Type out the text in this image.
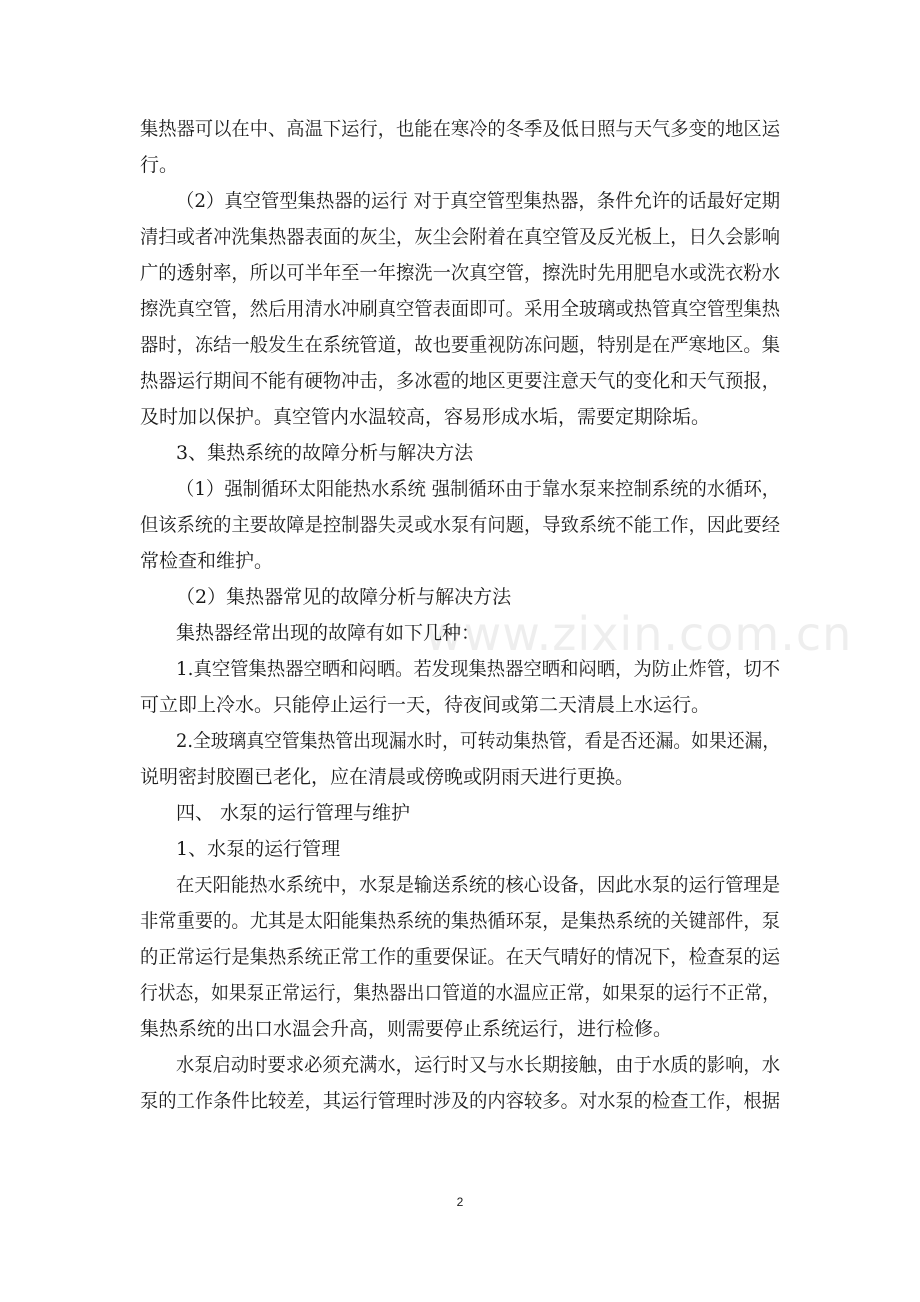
www.zixin.com.cn
集热器可以在中、高温下运行，也能在寒冷的冬季及低日照与天气多变的地区运
行。
（2）真空管型集热器的运行 对于真空管型集热器，条件允许的话最好定期
清扫或者冲洗集热器表面的灰尘，灰尘会附着在真空管及反光板上，日久会影响
广的透射率，所以可半年至一年擦洗一次真空管，擦洗时先用肥皂水或洗衣粉水
擦洗真空管，然后用清水冲刷真空管表面即可。采用全玻璃或热管真空管型集热
器时，冻结一般发生在系统管道，故也要重视防冻问题，特别是在严寒地区。集
热器运行期间不能有硬物冲击，多冰雹的地区更要注意天气的变化和天气预报，
及时加以保护。真空管内水温较高，容易形成水垢，需要定期除垢。
3、集热系统的故障分析与解决方法
（1）强制循环太阳能热水系统 强制循环由于靠水泵来控制系统的水循环，
但该系统的主要故障是控制器失灵或水泵有问题，导致系统不能工作，因此要经
常检查和维护。
（2）集热器常见的故障分析与解决方法
集热器经常出现的故障有如下几种：
1.真空管集热器空晒和闷晒。若发现集热器空晒和闷晒，为防止炸管，切不
可立即上冷水。只能停止运行一天，待夜间或第二天清晨上水运行。
2.全玻璃真空管集热管出现漏水时，可转动集热管，看是否还漏。如果还漏，
说明密封胶圈已老化，应在清晨或傍晚或阴雨天进行更换。
四、 水泵的运行管理与维护
1、水泵的运行管理
在天阳能热水系统中，水泵是输送系统的核心设备，因此水泵的运行管理是
非常重要的。尤其是太阳能集热系统的集热循环泵，是集热系统的关键部件，泵
的正常运行是集热系统正常工作的重要保证。在天气晴好的情况下，检查泵的运
行状态，如果泵正常运行，集热器出口管道的水温应正常，如果泵的运行不正常，
集热系统的出口水温会升高，则需要停止系统运行，进行检修。
水泵启动时要求必须充满水，运行时又与水长期接触，由于水质的影响，水
泵的工作条件比较差，其运行管理时涉及的内容较多。对水泵的检查工作，根据
2
